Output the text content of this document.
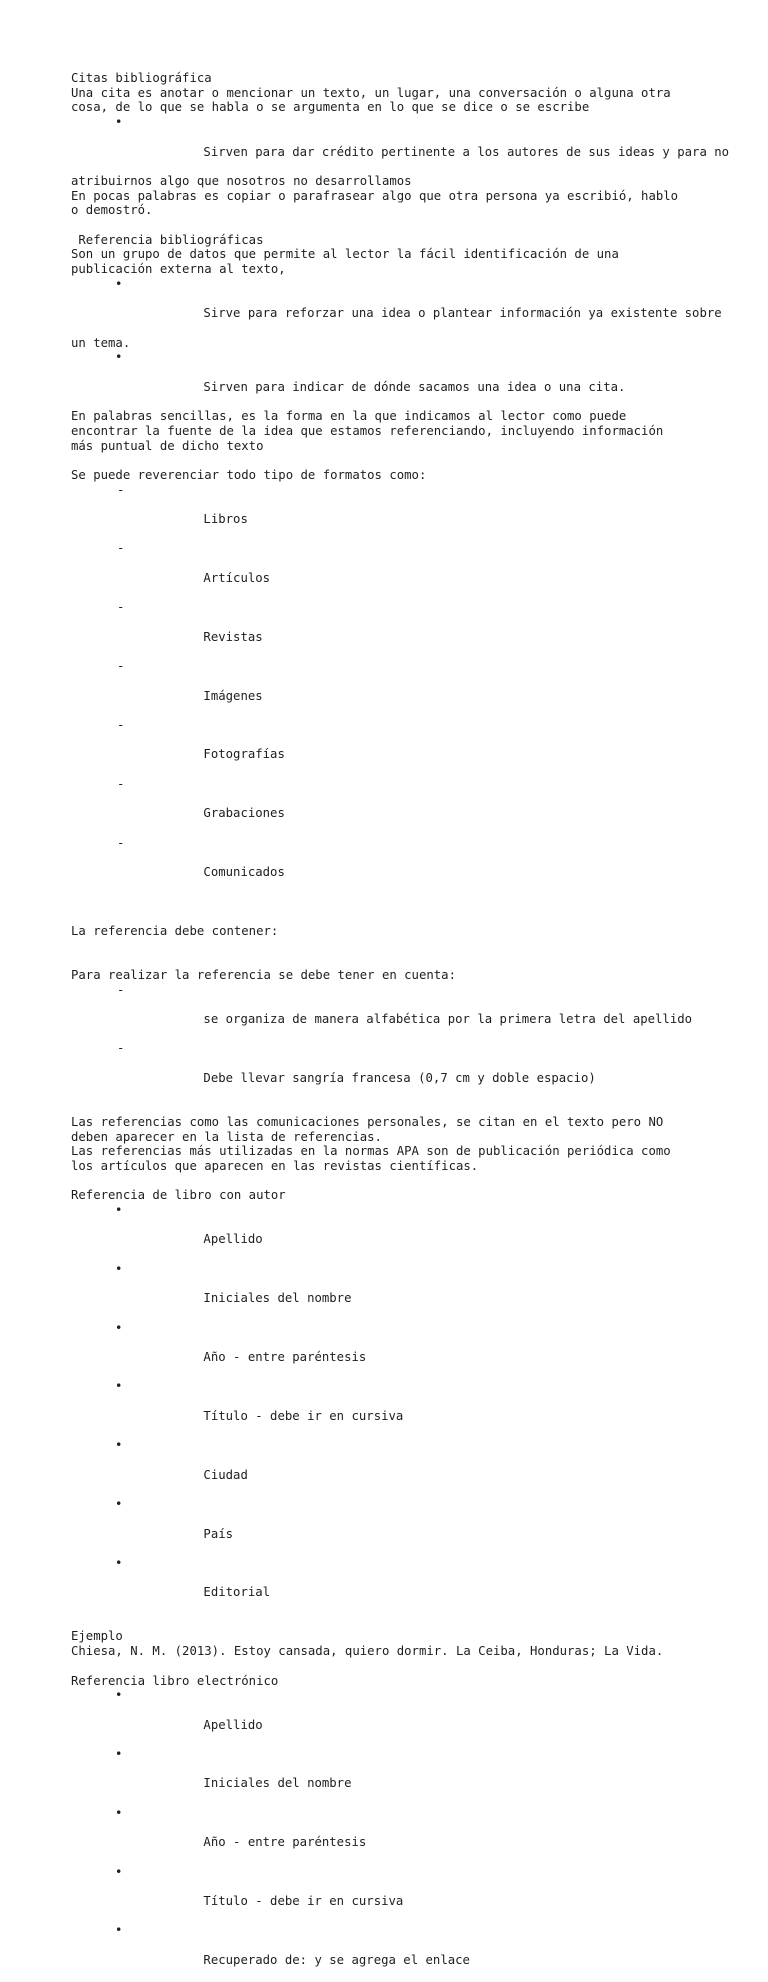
Citas bibliográfica
Una cita es anotar o mencionar un texto, un lugar, una conversación o alguna otra
cosa, de lo que se habla o se argumenta en lo que se dice o se escribe

•

Sirven para dar crédito pertinente a los autores de sus ideas y para no

atribuirnos algo que nosotros no desarrollamos
En pocas palabras es copiar o parafrasear algo que otra persona ya escribió, hablo
o demostró.
Referencia bibliográficas
Son un grupo de datos que permite al lector la fácil identificación de una
publicación externa al texto,

•

Sirve para reforzar una idea o plantear información ya existente sobre

un tema.

•

Sirven para indicar de dónde sacamos una idea o una cita.

En palabras sencillas, es la forma en la que indicamos al lector como puede
encontrar la fuente de la idea que estamos referenciando, incluyendo información
más puntual de dicho texto
Se puede reverenciar todo tipo de formatos como:

-

Libros

-

Artículos

-

Revistas

-

Imágenes

-

Fotografías

-

Grabaciones

-

Comunicados

La referencia debe contener:
Para realizar la referencia se debe tener en cuenta:

-

se organiza de manera alfabética por la primera letra del apellido

-

Debe llevar sangría francesa (0,7 cm y doble espacio)

Las referencias como las comunicaciones personales, se citan en el texto pero NO
deben aparecer en la lista de referencias.
Las referencias más utilizadas en la normas APA son de publicación periódica como
los artículos que aparecen en las revistas científicas.
Referencia de libro con autor

•

Apellido

•

Iniciales del nombre

•

Año - entre paréntesis

•

Título - debe ir en cursiva

•

Ciudad

•

País

•

Editorial

Ejemplo
Chiesa, N. M. (2013). Estoy cansada, quiero dormir. La Ceiba, Honduras; La Vida.
Referencia libro electrónico

•

Apellido

•

Iniciales del nombre

•

Año - entre paréntesis

•

Título - debe ir en cursiva

•

Recuperado de: y se agrega el enlace
